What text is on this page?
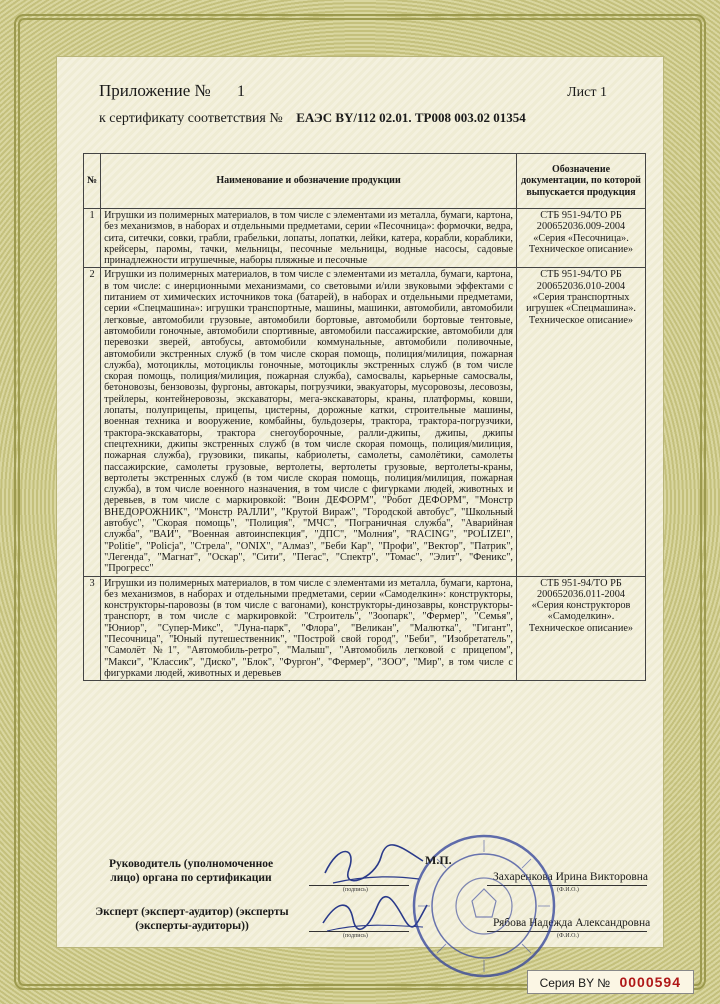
Приложение № 1	Лист 1
к сертификату соответствия № ЕАЭС BY/112 02.01. ТР008 003.02 01354
№	Наименование и обозначение продукции	Обозначение документации, по которой выпускается продукция
1	Игрушки из полимерных материалов, в том числе с элементами из металла, бумаги, картона, без механизмов, в наборах и отдельными предметами, серии «Песочница»: формочки, ведра, сита, ситечки, совки, грабли, грабельки, лопаты, лопатки, лейки, катера, корабли, кораблики, крейсеры, паромы, тачки, мельницы, песочные мельницы, водные насосы, садовые принадлежности игрушечные, наборы пляжные и песочные	СТБ 951-94/ТО РБ 200652036.009-2004 «Серия «Песочница». Техническое описание»
2	Игрушки из полимерных материалов, в том числе с элементами из металла, бумаги, картона, в том числе: с инерционными механизмами, со световыми и/или звуковыми эффектами с питанием от химических источников тока (батарей), в наборах и отдельными предметами, серии «Спецмашина»: игрушки транспортные, машины, машинки, автомобили, автомобили легковые, автомобили грузовые, автомобили бортовые, автомобили бортовые тентовые, автомобили гоночные, автомобили спортивные, автомобили пассажирские, автомобили для перевозки зверей, автобусы, автомобили коммунальные, автомобили поливочные, автомобили экстренных служб (в том числе скорая помощь, полиция/милиция, пожарная служба), мотоциклы, мотоциклы гоночные, мотоциклы экстренных служб (в том числе скорая помощь, полиция/милиция, пожарная служба), самосвалы, карьерные самосвалы, бетоновозы, бензовозы, фургоны, автокары, погрузчики, эвакуаторы, мусоровозы, лесовозы, трейлеры, контейнеровозы, экскаваторы, мега-экскаваторы, краны, платформы, ковши, лопаты, полуприцепы, прицепы, цистерны, дорожные катки, строительные машины, военная техника и вооружение, комбайны, бульдозеры, трактора, трактора-погрузчики, трактора-экскаваторы, трактора снегоуборочные, ралли-джипы, джипы, джипы спецтехники, джипы экстренных служб (в том числе скорая помощь, полиция/милиция, пожарная служба), грузовики, пикапы, кабриолеты, самолеты, самолётики, самолеты пассажирские, самолеты грузовые, вертолеты, вертолеты грузовые, вертолеты-краны, вертолеты экстренных служб (в том числе скорая помощь, полиция/милиция, пожарная служба), в том числе военного назначения, в том числе с фигурками людей, животных и деревьев, в том числе с маркировкой: "Воин ДЕФОРМ", "Робот ДЕФОРМ", "Монстр ВНЕДОРОЖНИК", "Монстр РАЛЛИ", "Крутой Вираж", "Городской автобус", "Школьный автобус", "Скорая помощь", "Полиция", "МЧС", "Пограничная служба", "Аварийная служба", "ВАИ", "Военная автоинспекция", "ДПС", "Молния", "RACING", "POLIZEI", "Politie", "Policja", "Стрела", "ONIX", "Алмаз", "Беби Кар", "Профи", "Вектор", "Патрик", "Легенда", "Магнат", "Оскар", "Сити", "Пегас", "Спектр", "Томас", "Элит", "Феникс", "Прогресс"	СТБ 951-94/ТО РБ 200652036.010-2004 «Серия транспортных игрушек «Спецмашина». Техническое описание»
3	Игрушки из полимерных материалов, в том числе с элементами из металла, бумаги, картона, без механизмов, в наборах и отдельными предметами, серии «Самоделкин»: конструкторы, конструкторы-паровозы (в том числе с вагонами), конструкторы-динозавры, конструкторы-транспорт, в том числе с маркировкой: "Строитель", "Зоопарк", "Фермер", "Семья", "Юниор", "Супер-Микс", "Луна-парк", "Флора", "Великан", "Малютка", "Гигант", "Песочница", "Юный путешественник", "Построй свой город", "Беби", "Изобретатель", "Самолёт №1", "Автомобиль-ретро", "Малыш", "Автомобиль легковой с прицепом", "Макси", "Классик", "Диско", "Блок", "Фургон", "Фермер", "ЗОО", "Мир", в том числе с фигурками людей, животных и деревьев	СТБ 951-94/ТО РБ 200652036.011-2004 «Серия конструкторов «Самоделкин». Техническое описание»
Руководитель (уполномоченное лицо) органа по сертификации
(подпись)
Захаренкова Ирина Викторовна
(Ф.И.О.)
Эксперт (эксперт-аудитор) (эксперты (эксперты-аудиторы))
(подпись)
Рябова Надежда Александровна
(Ф.И.О.)
М.П.
Серия BY № 0000594
